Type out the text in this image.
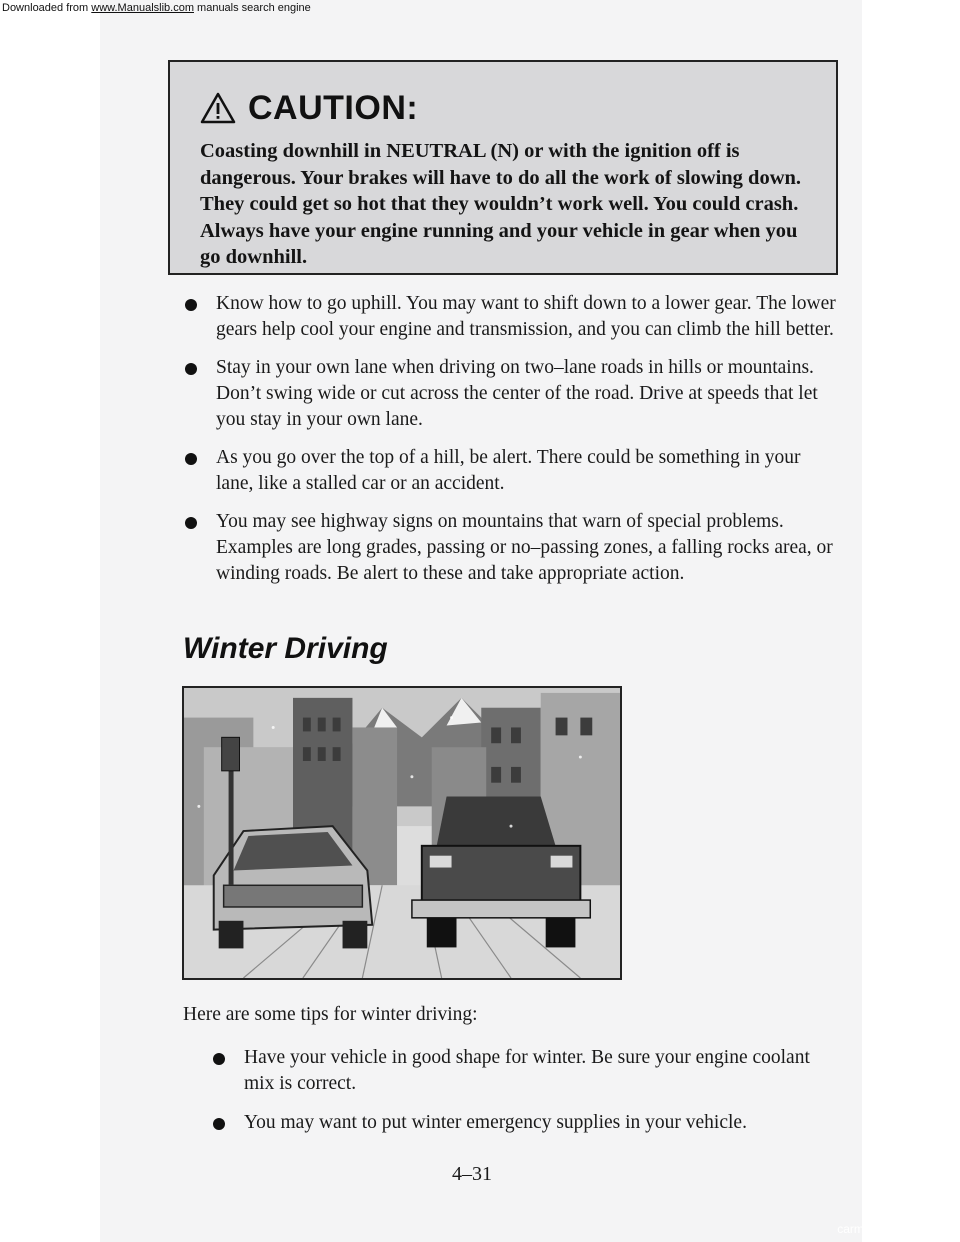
Downloaded from www.Manualslib.com manuals search engine
CAUTION:
Coasting downhill in NEUTRAL (N) or with the ignition off is dangerous. Your brakes will have to do all the work of slowing down. They could get so hot that they wouldn’t work well. You could crash. Always have your engine running and your vehicle in gear when you go downhill.
Know how to go uphill. You may want to shift down to a lower gear. The lower gears help cool your engine and transmission, and you can climb the hill better.
Stay in your own lane when driving on two–lane roads in hills or mountains. Don’t swing wide or cut across the center of the road. Drive at speeds that let you stay in your own lane.
As you go over the top of a hill, be alert. There could be something in your lane, like a stalled car or an accident.
You may see highway signs on mountains that warn of special problems. Examples are long grades, passing or no–passing zones, a falling rocks area, or winding roads. Be alert to these and take appropriate action.
Winter Driving
Here are some tips for winter driving:
Have your vehicle in good shape for winter. Be sure your engine coolant mix is correct.
You may want to put winter emergency supplies in your vehicle.
4–31
carmanualsonline.info
